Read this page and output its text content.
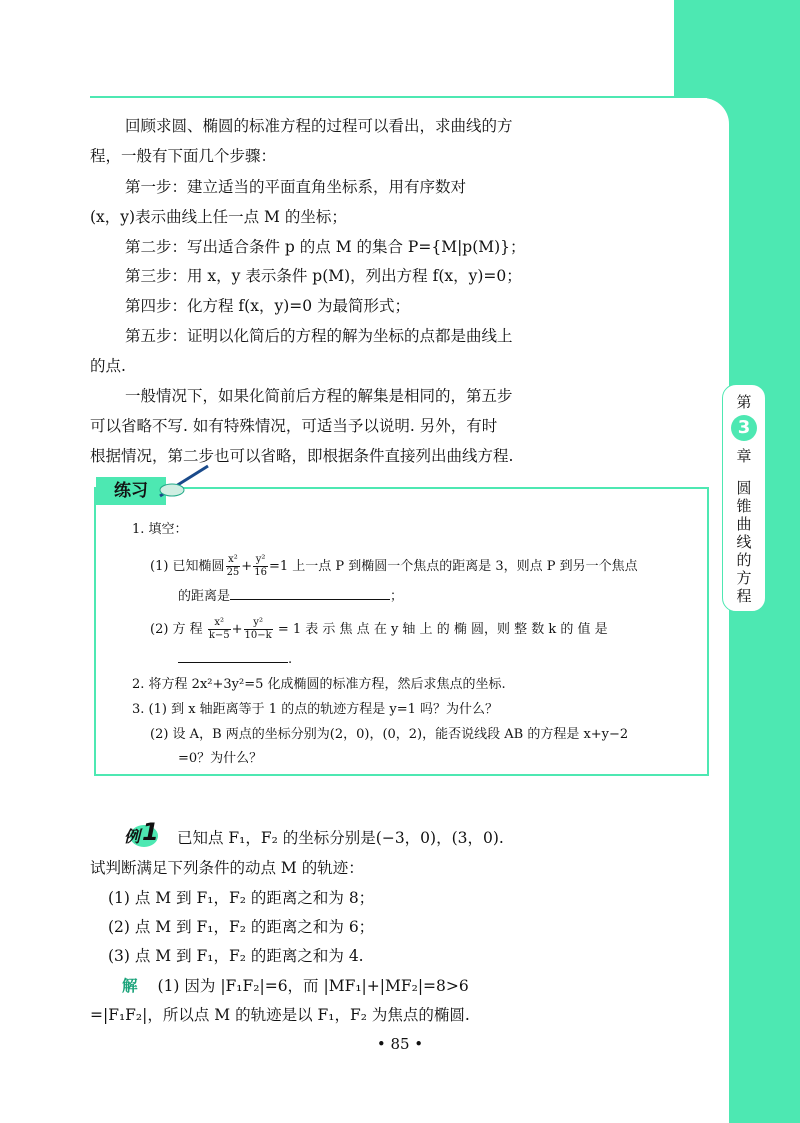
回顾求圆、椭圆的标准方程的过程可以看出，求曲线的方
程，一般有下面几个步骤：
第一步：建立适当的平面直角坐标系，用有序数对
(x，y)表示曲线上任一点 M 的坐标；
第二步：写出适合条件 p 的点 M 的集合 P={M|p(M)}；
第三步：用 x，y 表示条件 p(M)，列出方程 f(x，y)=0；
第四步：化方程 f(x，y)=0 为最简形式；
第五步：证明以化简后的方程的解为坐标的点都是曲线上
的点.
一般情况下，如果化简前后方程的解集是相同的，第五步
可以省略不写. 如有特殊情况，可适当予以说明. 另外，有时
根据情况，第二步也可以省略，即根据条件直接列出曲线方程.
第
3
章
圆锥曲线的方程
练习
1. 填空：
(1) 已知椭圆 $\frac{\text{x²}}{25} + \frac{\text{y²}}{16} =1$ 上一点 P 到椭圆一个焦点的距离是 3，则点 P 到另一个焦点
的距离是	；
(2) 方 程 $\frac{\text{x²}}{k-5} + \frac{\text{y²}}{10-k} = 1$ 表 示 焦 点 在 y 轴 上 的 椭 圆，则 整 数 k 的 值 是
.
2. 将方程 2x²+3y²=5 化成椭圆的标准方程，然后求焦点的坐标.
3. (1) 到 x 轴距离等于 1 的点的轨迹方程是 y=1 吗？为什么？
(2) 设 A，B 两点的坐标分别为(2，0)，(0，2)，能否说线段 AB 的方程是 x+y−2
=0？为什么？
例 1 已知点 F₁，F₂ 的坐标分别是(−3，0)，(3，0).
试判断满足下列条件的动点 M 的轨迹：
(1) 点 M 到 F₁，F₂ 的距离之和为 8；
(2) 点 M 到 F₁，F₂ 的距离之和为 6；
(3) 点 M 到 F₁，F₂ 的距离之和为 4.
解 (1) 因为 |F₁F₂|=6，而 |MF₁|+|MF₂|=8>6
=|F₁F₂|，所以点 M 的轨迹是以 F₁，F₂ 为焦点的椭圆.
• 85 •
